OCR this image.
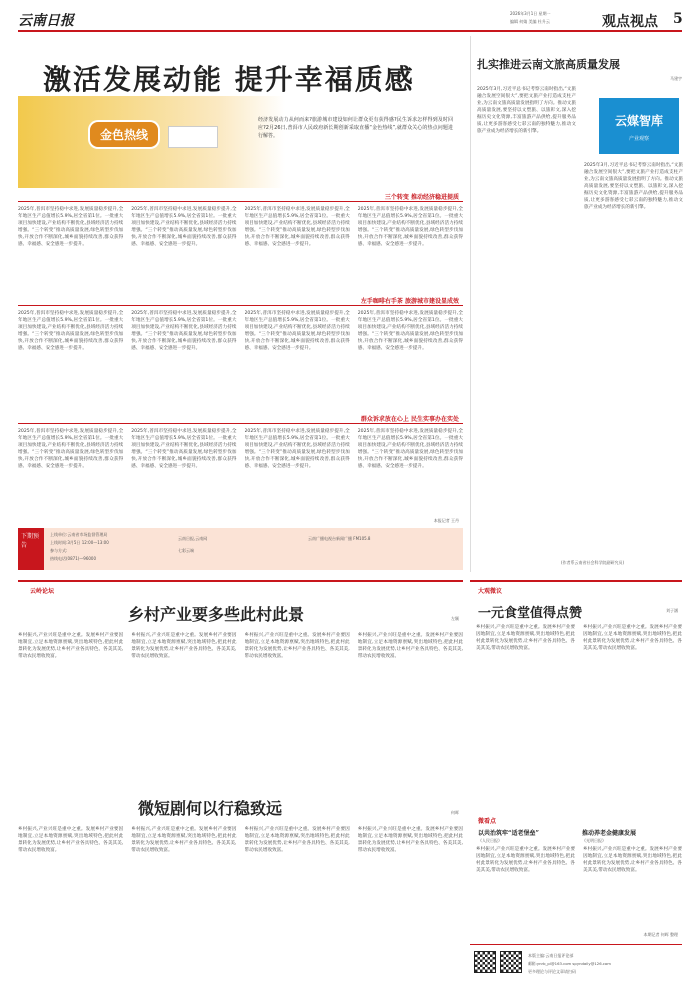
云南日报	2026年3月1日 星期一
编辑 何婧 美编 杜升云	观点视点 5
激活发展动能 提升幸福质感
金色热线
经济发展动力从何而来?旅游城市建设如何让群众更有获得感?民生诉求怎样得到及时回应?2月26日,普洱市人民政府新长期创新采取直播“金色热线”,就群众关心的热点问题进行解答。
三个转变 推动经济稳进提质
2025年,普洱市坚持稳中求进,发展质量稳步提升,全年地区生产总值增长5.9%,居全省第1位。一批重大项目加快建设,产业结构不断优化,县域经济活力持续增强。“三个转变”推动高质量发展,绿色转型步伐加快,开放合作不断深化,城乡面貌持续改善,群众获得感、幸福感、安全感进一步提升。
2025年,普洱市坚持稳中求进,发展质量稳步提升,全年地区生产总值增长5.9%,居全省第1位。一批重大项目加快建设,产业结构不断优化,县域经济活力持续增强。“三个转变”推动高质量发展,绿色转型步伐加快,开放合作不断深化,城乡面貌持续改善,群众获得感、幸福感、安全感进一步提升。
2025年,普洱市坚持稳中求进,发展质量稳步提升,全年地区生产总值增长5.9%,居全省第1位。一批重大项目加快建设,产业结构不断优化,县域经济活力持续增强。“三个转变”推动高质量发展,绿色转型步伐加快,开放合作不断深化,城乡面貌持续改善,群众获得感、幸福感、安全感进一步提升。
2025年,普洱市坚持稳中求进,发展质量稳步提升,全年地区生产总值增长5.9%,居全省第1位。一批重大项目加快建设,产业结构不断优化,县域经济活力持续增强。“三个转变”推动高质量发展,绿色转型步伐加快,开放合作不断深化,城乡面貌持续改善,群众获得感、幸福感、安全感进一步提升。
左手咖啡右手茶 旅游城市建设显成效
2025年,普洱市坚持稳中求进,发展质量稳步提升,全年地区生产总值增长5.9%,居全省第1位。一批重大项目加快建设,产业结构不断优化,县域经济活力持续增强。“三个转变”推动高质量发展,绿色转型步伐加快,开放合作不断深化,城乡面貌持续改善,群众获得感、幸福感、安全感进一步提升。
2025年,普洱市坚持稳中求进,发展质量稳步提升,全年地区生产总值增长5.9%,居全省第1位。一批重大项目加快建设,产业结构不断优化,县域经济活力持续增强。“三个转变”推动高质量发展,绿色转型步伐加快,开放合作不断深化,城乡面貌持续改善,群众获得感、幸福感、安全感进一步提升。
2025年,普洱市坚持稳中求进,发展质量稳步提升,全年地区生产总值增长5.9%,居全省第1位。一批重大项目加快建设,产业结构不断优化,县域经济活力持续增强。“三个转变”推动高质量发展,绿色转型步伐加快,开放合作不断深化,城乡面貌持续改善,群众获得感、幸福感、安全感进一步提升。
2025年,普洱市坚持稳中求进,发展质量稳步提升,全年地区生产总值增长5.9%,居全省第1位。一批重大项目加快建设,产业结构不断优化,县域经济活力持续增强。“三个转变”推动高质量发展,绿色转型步伐加快,开放合作不断深化,城乡面貌持续改善,群众获得感、幸福感、安全感进一步提升。
群众诉求放在心上 民生实事办在实处
2025年,普洱市坚持稳中求进,发展质量稳步提升,全年地区生产总值增长5.9%,居全省第1位。一批重大项目加快建设,产业结构不断优化,县域经济活力持续增强。“三个转变”推动高质量发展,绿色转型步伐加快,开放合作不断深化,城乡面貌持续改善,群众获得感、幸福感、安全感进一步提升。
2025年,普洱市坚持稳中求进,发展质量稳步提升,全年地区生产总值增长5.9%,居全省第1位。一批重大项目加快建设,产业结构不断优化,县域经济活力持续增强。“三个转变”推动高质量发展,绿色转型步伐加快,开放合作不断深化,城乡面貌持续改善,群众获得感、幸福感、安全感进一步提升。
2025年,普洱市坚持稳中求进,发展质量稳步提升,全年地区生产总值增长5.9%,居全省第1位。一批重大项目加快建设,产业结构不断优化,县域经济活力持续增强。“三个转变”推动高质量发展,绿色转型步伐加快,开放合作不断深化,城乡面貌持续改善,群众获得感、幸福感、安全感进一步提升。
2025年,普洱市坚持稳中求进,发展质量稳步提升,全年地区生产总值增长5.9%,居全省第1位。一批重大项目加快建设,产业结构不断优化,县域经济活力持续增强。“三个转变”推动高质量发展,绿色转型步伐加快,开放合作不断深化,城乡面貌持续改善,群众获得感、幸福感、安全感进一步提升。
本报记者 王丹
下期预告
上线单位:云南省市场监督管理局
上线时间:3月5日 12:00—13:00
参与方式:
热线电话(0871)—96000
云南日报,云南网
七彩云端
云南广播电视台新闻广播 FM105.8
扎实推进云南文旅高质量发展
马建宇
云媒智库
产业观察
2025年3月,习近平总书记考察云南时指出,“文旅融合发展空间很大”,要把文旅产业打造成支柱产业,为云南文旅高质量发展指明了方向。推动文旅高质量发展,要坚持以文塑旅、以旅彰文,深入挖掘历史文化资源,丰富旅游产品供给,提升服务品质,让更多游客感受七彩云南的独特魅力,推动文旅产业成为经济增长的新引擎。
2025年3月,习近平总书记考察云南时指出,“文旅融合发展空间很大”,要把文旅产业打造成支柱产业,为云南文旅高质量发展指明了方向。推动文旅高质量发展,要坚持以文塑旅、以旅彰文,深入挖掘历史文化资源,丰富旅游产品供给,提升服务品质,让更多游客感受七彩云南的独特魅力,推动文旅产业成为经济增长的新引擎。
(作者系云南省社会科学院副研究员)
云岭论坛
乡村产业要多些此村此景	左颖
乡村振兴,产业兴旺是重中之重。发展乡村产业要因地制宜,立足本地资源禀赋,突出地域特色,把此村此景转化为发展优势,让乡村产业各具特色、各美其美,带动农民增收致富。
乡村振兴,产业兴旺是重中之重。发展乡村产业要因地制宜,立足本地资源禀赋,突出地域特色,把此村此景转化为发展优势,让乡村产业各具特色、各美其美,带动农民增收致富。
乡村振兴,产业兴旺是重中之重。发展乡村产业要因地制宜,立足本地资源禀赋,突出地域特色,把此村此景转化为发展优势,让乡村产业各具特色、各美其美,带动农民增收致富。
乡村振兴,产业兴旺是重中之重。发展乡村产业要因地制宜,立足本地资源禀赋,突出地域特色,把此村此景转化为发展优势,让乡村产业各具特色、各美其美,带动农民增收致富。
微短剧何以行稳致远	何晖
乡村振兴,产业兴旺是重中之重。发展乡村产业要因地制宜,立足本地资源禀赋,突出地域特色,把此村此景转化为发展优势,让乡村产业各具特色、各美其美,带动农民增收致富。
乡村振兴,产业兴旺是重中之重。发展乡村产业要因地制宜,立足本地资源禀赋,突出地域特色,把此村此景转化为发展优势,让乡村产业各具特色、各美其美,带动农民增收致富。
乡村振兴,产业兴旺是重中之重。发展乡村产业要因地制宜,立足本地资源禀赋,突出地域特色,把此村此景转化为发展优势,让乡村产业各具特色、各美其美,带动农民增收致富。
乡村振兴,产业兴旺是重中之重。发展乡村产业要因地制宜,立足本地资源禀赋,突出地域特色,把此村此景转化为发展优势,让乡村产业各具特色、各美其美,带动农民增收致富。
大观微议
一元食堂值得点赞	刘子涵
乡村振兴,产业兴旺是重中之重。发展乡村产业要因地制宜,立足本地资源禀赋,突出地域特色,把此村此景转化为发展优势,让乡村产业各具特色、各美其美,带动农民增收致富。
乡村振兴,产业兴旺是重中之重。发展乡村产业要因地制宜,立足本地资源禀赋,突出地域特色,把此村此景转化为发展优势,让乡村产业各具特色、各美其美,带动农民增收致富。
微看点
以共治筑牢“适老堡垒”
《人民日报》
推动养老金健康发展
《光明日报》
乡村振兴,产业兴旺是重中之重。发展乡村产业要因地制宜,立足本地资源禀赋,突出地域特色,把此村此景转化为发展优势,让乡村产业各具特色、各美其美,带动农民增收致富。
乡村振兴,产业兴旺是重中之重。发展乡村产业要因地制宜,立足本地资源禀赋,突出地域特色,把此村此景转化为发展优势,让乡村产业各具特色、各美其美,带动农民增收致富。
本期记者 何晖 整理
本版主编:云南日报评论部
邮箱:ynrb_pl@163.com spyndaily@126.com
更多理论与评论文章请扫码
